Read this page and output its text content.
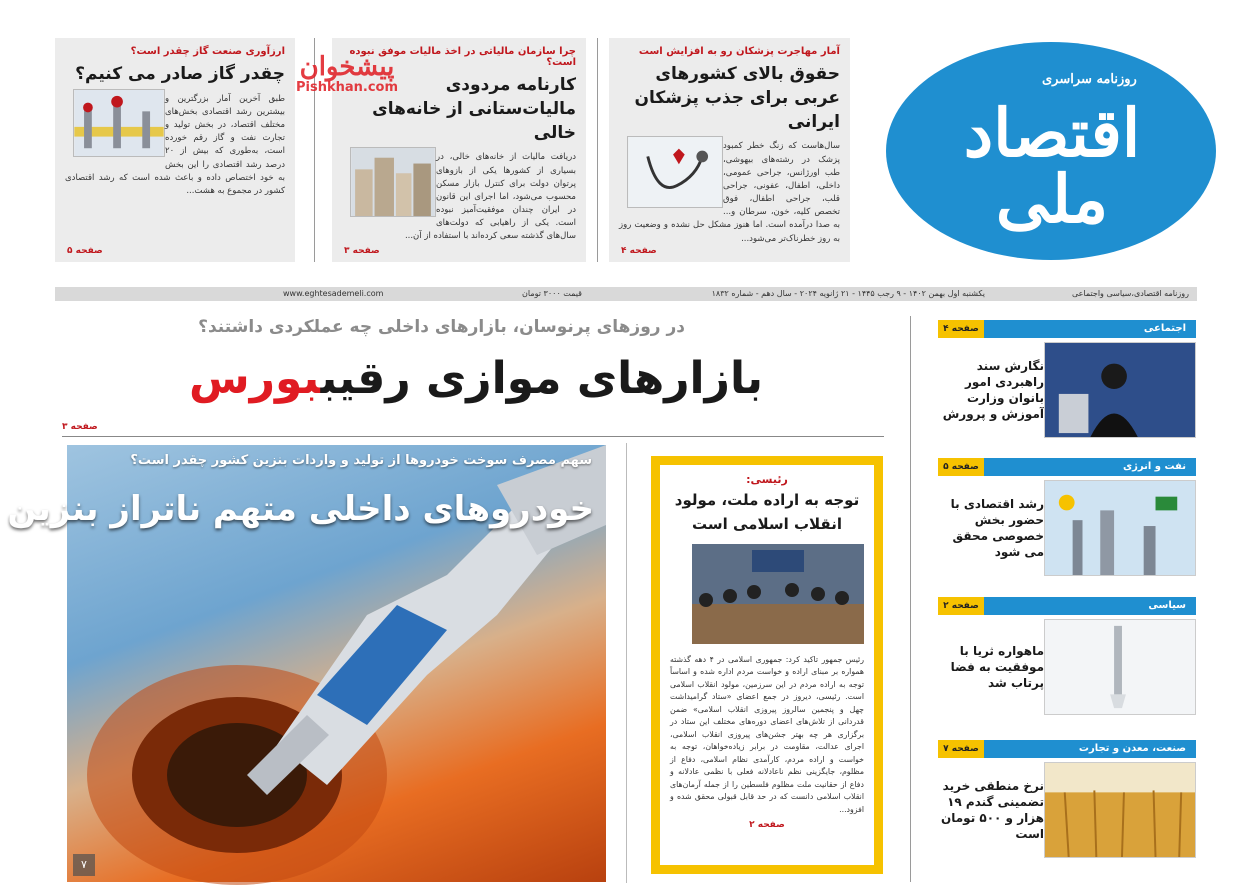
ارزآوری صنعت گاز چقدر است؟
چقدر گاز صادر می کنیم؟
طبق آخرین آمار بزرگترین و بیشترین رشد اقتصادی بخش‌های مختلف اقتصاد، در بخش تولید و تجارت نفت و گاز رقم خورده است، به‌طوری که بیش از ۲۰ درصد رشد اقتصادی را این بخش به خود اختصاص داده و باعث شده است که رشد اقتصادی کشور در مجموع به هشت...
صفحه ۵
چرا سازمان مالیاتی در اخذ مالیات موفق نبوده است؟
کارنامه مردودی مالیات‌ستانی از خانه‌های خالی
دریافت مالیات از خانه‌های خالی، در بسیاری از کشورها یکی از بازوهای پرتوان دولت برای کنترل بازار مسکن محسوب می‌شود، اما اجرای این قانون در ایران چندان موفقیت‌آمیز نبوده است. یکی از راهیابی که دولت‌های سال‌های گذشته سعی کرده‌اند با استفاده از آن...
صفحه ۳
آمار مهاجرت پزشکان رو به افزایش است
حقوق بالای کشورهای عربی برای جذب پزشکان ایرانی
سال‌هاست که زنگ خطر کمبود پزشک در رشته‌های بیهوشی، طب اورژانس، جراحی عمومی، داخلی، اطفال، عفونی، جراحی قلب، جراحی اطفال، فوق تخصص کلیه، خون، سرطان و... به صدا درآمده است. اما هنوز مشکل حل نشده و وضعیت روز به روز خطرناک‌تر می‌شود...
صفحه ۴
پیشخوان
Pishkhan.com
روزنامه سراسری
اقتصاد ملی
روزنامه اقتصادی،سیاسی واجتماعی
یکشنبه اول بهمن ۱۴۰۲ - ۹ رجب ۱۴۴۵ - ۲۱ ژانویه ۲۰۲۴ - سال دهم - شماره ۱۸۳۲
قیمت ۳۰۰۰ تومان
www.eghtesademeli.com
در روزهای پرنوسان، بازارهای داخلی چه عملکردی داشتند؟
بازارهای موازی رقیببورس
صفحه ۳
سهم مصرف سوخت خودروها از تولید و واردات بنزین کشور چقدر است؟
خودروهای داخلی متهم ناتراز بنزین
۷
رئیسی:
توجه به اراده ملت، مولود انقلاب اسلامی است
رئیس جمهور تاکید کرد: جمهوری اسلامی در ۴ دهه گذشته همواره بر مبنای اراده و خواست مردم اداره شده و اساساً توجه به اراده مردم در این سرزمین، مولود انقلاب اسلامی است. رئیسی، دیروز در جمع اعضای «ستاد گرامیداشت چهل و پنجمین سالروز پیروزی انقلاب اسلامی» ضمن قدردانی از تلاش‌های اعضای دوره‌های مختلف این ستاد در برگزاری هر چه بهتر جشن‌های پیروزی انقلاب اسلامی، اجرای عدالت، مقاومت در برابر زیاده‌خواهان، توجه به خواست و اراده مردم، کارآمدی نظام اسلامی، دفاع از مظلوم، جایگزینی نظم ناعادلانه فعلی با نظمی عادلانه و دفاع از حقانیت ملت مظلوم فلسطین را از جمله آرمان‌های انقلاب اسلامی دانست که در حد قابل قبولی محقق شده و افزود...
صفحه ۲
اجتماعی
صفحه ۴
نگارش سند راهبردی امور بانوان وزارت آموزش و پرورش
نفت و انرژی
صفحه ۵
رشد اقتصادی با حضور بخش خصوصی محقق می شود
سیاسی
صفحه ۲
ماهواره ثریا با موفقیت به فضا پرتاب شد
صنعت، معدن و تجارت
صفحه ۷
نرخ منطقی خرید تضمینی گندم ۱۹ هزار و ۵۰۰ تومان است
